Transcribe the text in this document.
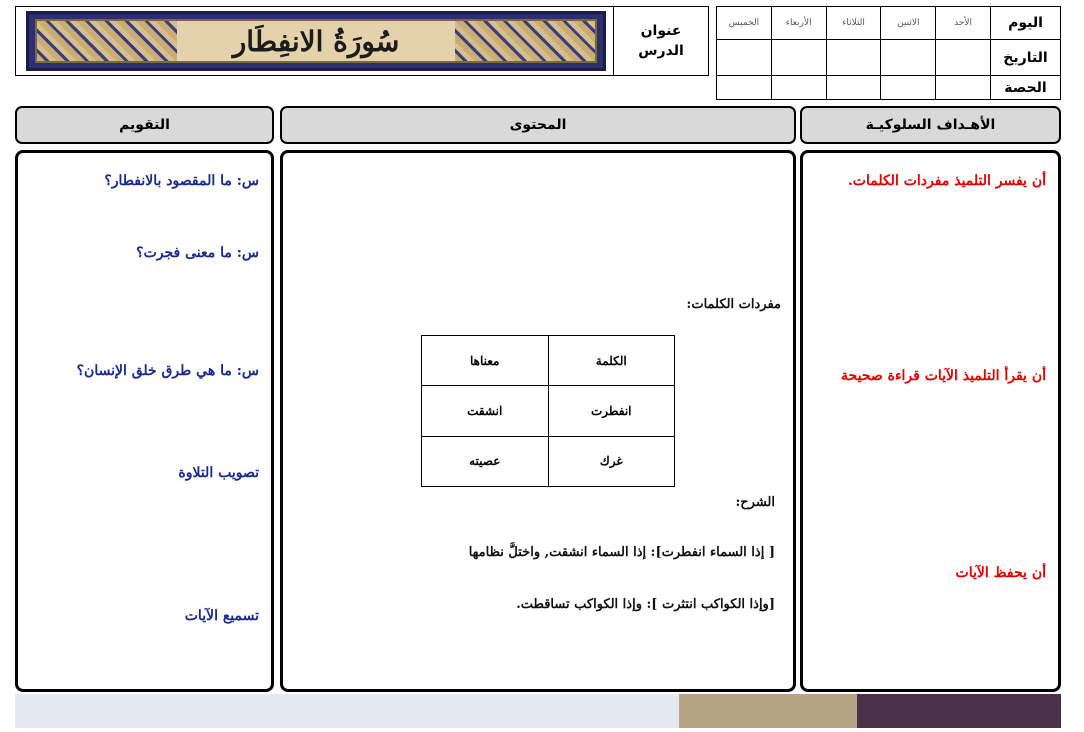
اليوم	الأحد	الاثنين	الثلاثاء	الأربعاء	الخميس
التاريخ					
الحصة					
عنوان
الدرس
سُورَةُ الانفِطَار
الأهـداف السلوكيـة
المحتوى
التقويم
أن يفسر التلميذ مفردات الكلمات.
أن يقرأ التلميذ الآيات قراءة صحيحة
أن يحفظ الآيات
مفردات الكلمات:
الكلمة	معناها
انفطرت	انشقت
غرك	عصيته
الشرح:
[ إذا السماء انفطرت]: إذا السماء انشقت, واختلَّ نظامها
[وإذا الكواكب انتثرت ]: وإذا الكواكب تساقطت.
س: ما المقصود بالانفطار؟
س: ما معنى فجرت؟
س: ما هي طرق خلق الإنسان؟
تصويب التلاوة
تسميع الآيات
